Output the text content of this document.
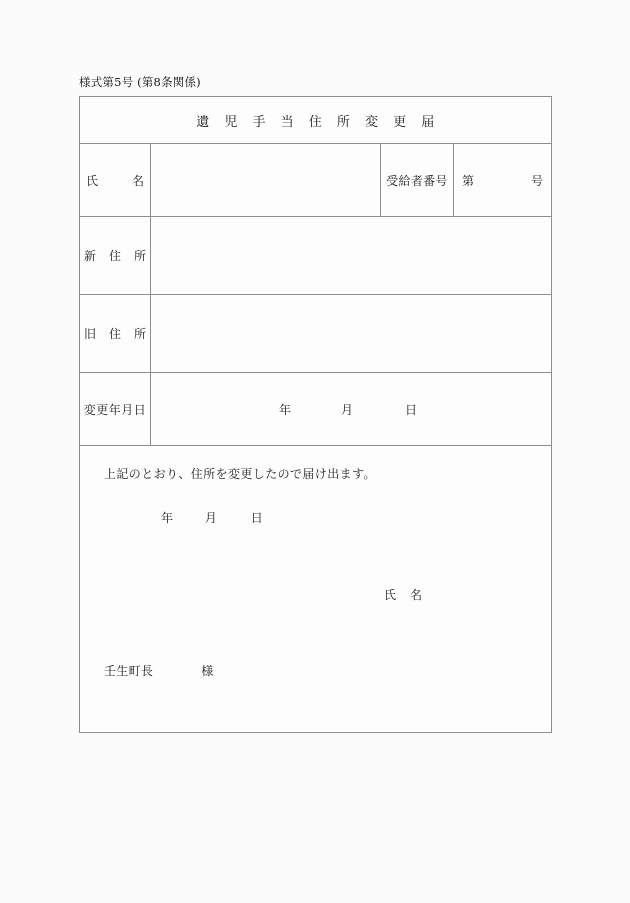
様式第5号 (第8条関係)
遺 児 手 当 住 所 変 更 届			
氏 名		受給者番号	第 号

新 住 所			
旧 住 所			
変更年月日	年 月 日		

上記のとおり、住所を変更したので届け出ます。
年 月 日
氏 名
壬生町長 様			
